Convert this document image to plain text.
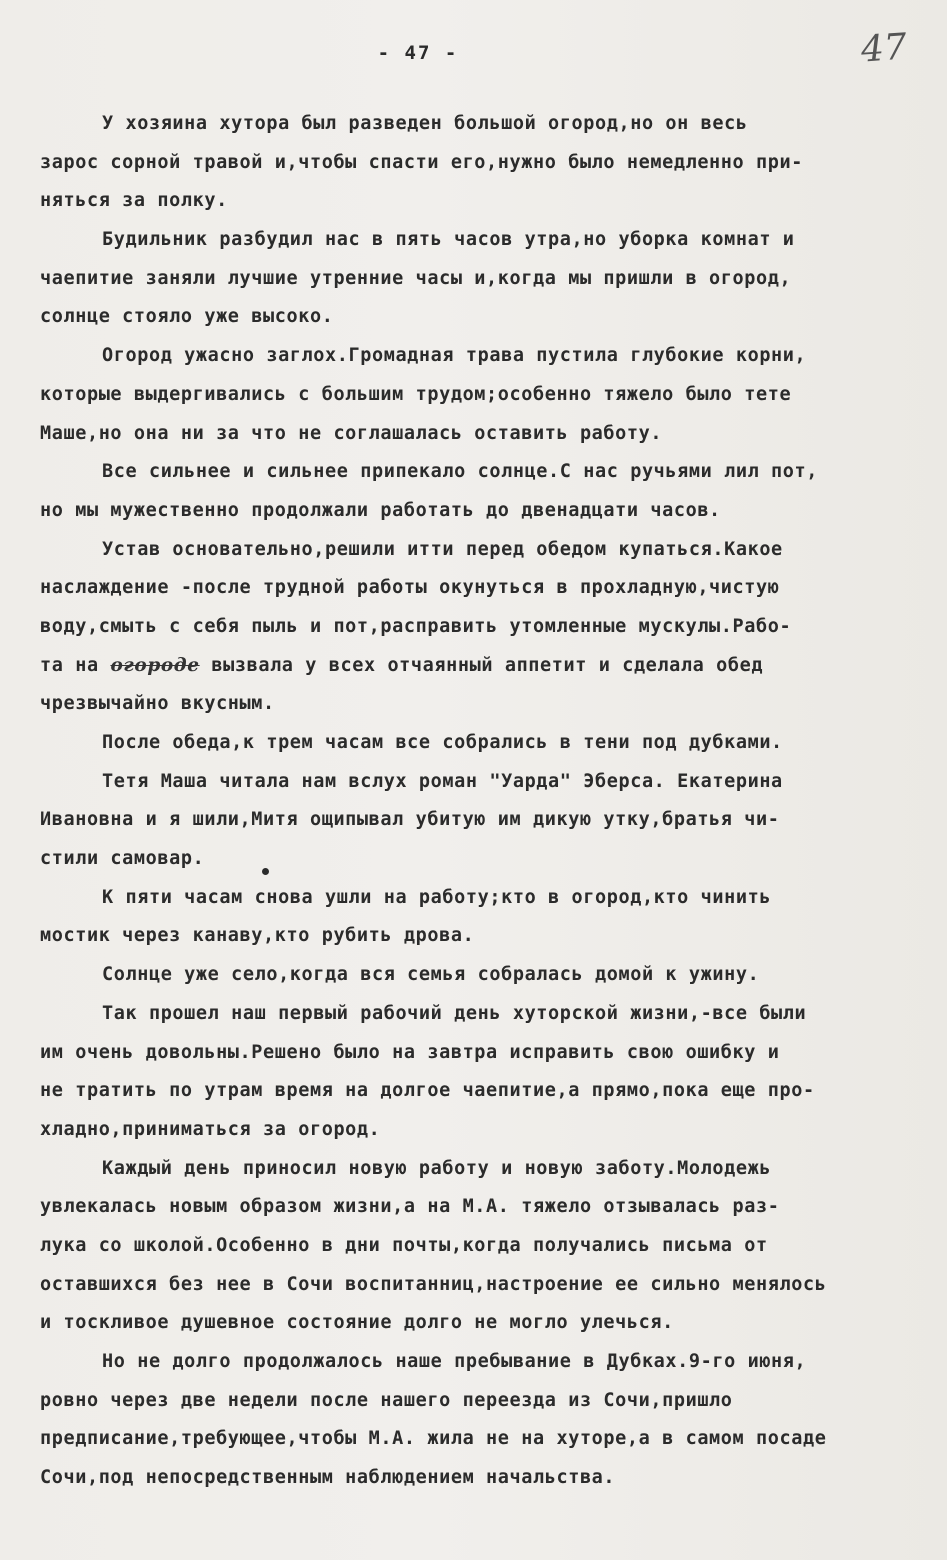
- 47 -	47
У хозяина хутора был разведен большой огород,но он весь
зарос сорной травой и,чтобы спасти его,нужно было немедленно при-
няться за полку.
Будильник разбудил нас в пять часов утра,но уборка комнат и
чаепитие заняли лучшие утренние часы и,когда мы пришли в огород,
солнце стояло уже высоко.
Огород ужасно заглох.Громадная трава пустила глубокие корни,
которые выдергивались с большим трудом;особенно тяжело было тете
Маше,но она ни за что не соглашалась оставить работу.
Все сильнее и сильнее припекало солнце.С нас ручьями лил пот,
но мы мужественно продолжали работать до двенадцати часов.
Устав основательно,решили итти перед обедом купаться.Какое
наслаждение -после трудной работы окунуться в прохладную,чистую
воду,смыть с себя пыль и пот,расправить утомленные мускулы.Рабо-
та на огороде вызвала у всех отчаянный аппетит и сделала обед
чрезвычайно вкусным.
После обеда,к трем часам все собрались в тени под дубками.
Тетя Маша читала нам вслух роман "Уарда" Эберса. Екатерина
Ивановна и я шили,Митя ощипывал убитую им дикую утку,братья чи-
стили самовар.
К пяти часам снова ушли на работу;кто в огород,кто чинить
мостик через канаву,кто рубить дрова.
Солнце уже село,когда вся семья собралась домой к ужину.
Так прошел наш первый рабочий день хуторской жизни,-все были
им очень довольны.Решено было на завтра исправить свою ошибку и
не тратить по утрам время на долгое чаепитие,а прямо,пока еще про-
хладно,приниматься за огород.
Каждый день приносил новую работу и новую заботу.Молодежь
увлекалась новым образом жизни,а на М.А. тяжело отзывалась раз-
лука со школой.Особенно в дни почты,когда получались письма от
оставшихся без нее в Сочи воспитанниц,настроение ее сильно менялось
и тоскливое душевное состояние долго не могло улечься.
Но не долго продолжалось наше пребывание в Дубках.9-го июня,
ровно через две недели после нашего переезда из Сочи,пришло
предписание,требующее,чтобы М.А. жила не на хуторе,а в самом посаде
Сочи,под непосредственным наблюдением начальства.
